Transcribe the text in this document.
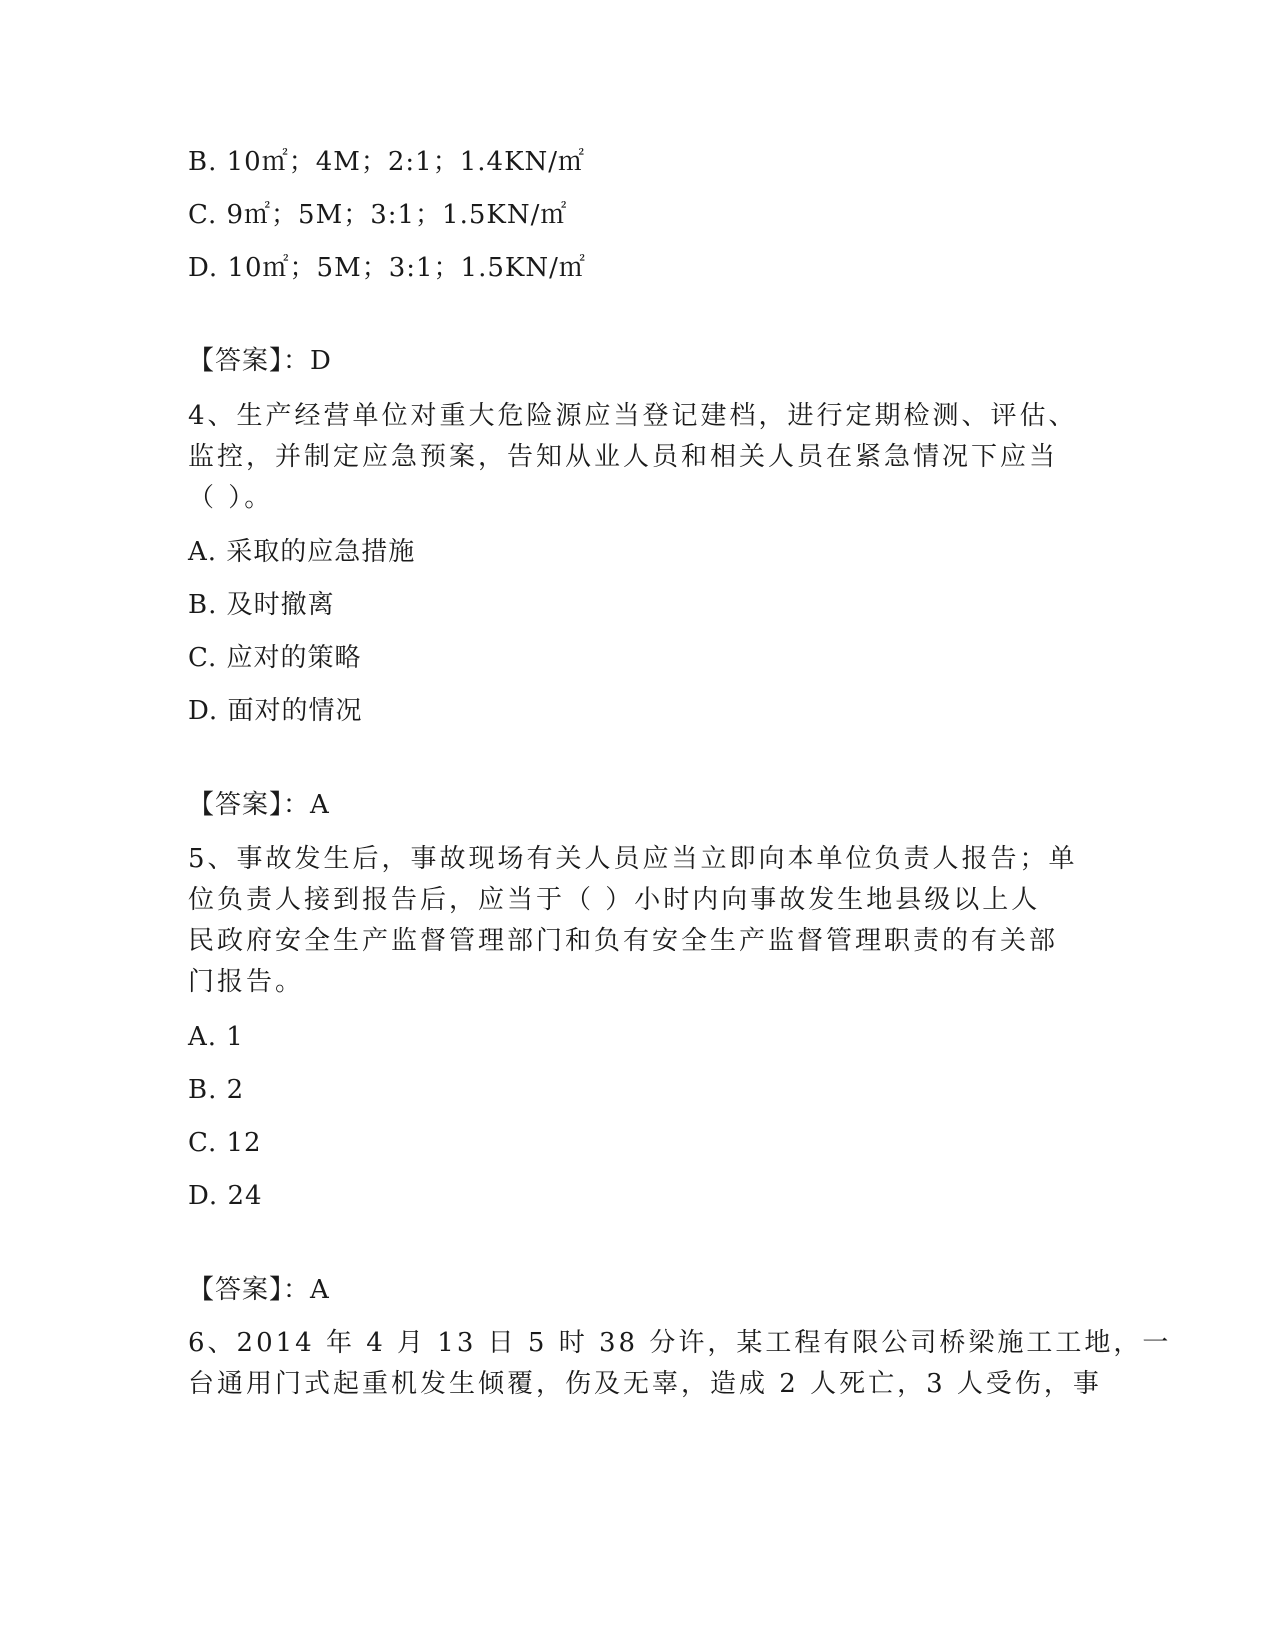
B. 10㎡；4M；2:1；1.4KN/㎡
C. 9㎡；5M；3:1；1.5KN/㎡
D. 10㎡；5M；3:1；1.5KN/㎡
【答案】：D
4、生产经营单位对重大危险源应当登记建档，进行定期检测、评估、
监控，并制定应急预案，告知从业人员和相关人员在紧急情况下应当
（ ）。
A. 采取的应急措施
B. 及时撤离
C. 应对的策略
D. 面对的情况
【答案】：A
5、事故发生后，事故现场有关人员应当立即向本单位负责人报告；单
位负责人接到报告后，应当于（ ）小时内向事故发生地县级以上人
民政府安全生产监督管理部门和负有安全生产监督管理职责的有关部
门报告。
A. 1
B. 2
C. 12
D. 24
【答案】：A
6、2014 年 4 月 13 日 5 时 38 分许，某工程有限公司桥梁施工工地，一
台通用门式起重机发生倾覆，伤及无辜，造成 2 人死亡，3 人受伤，事
